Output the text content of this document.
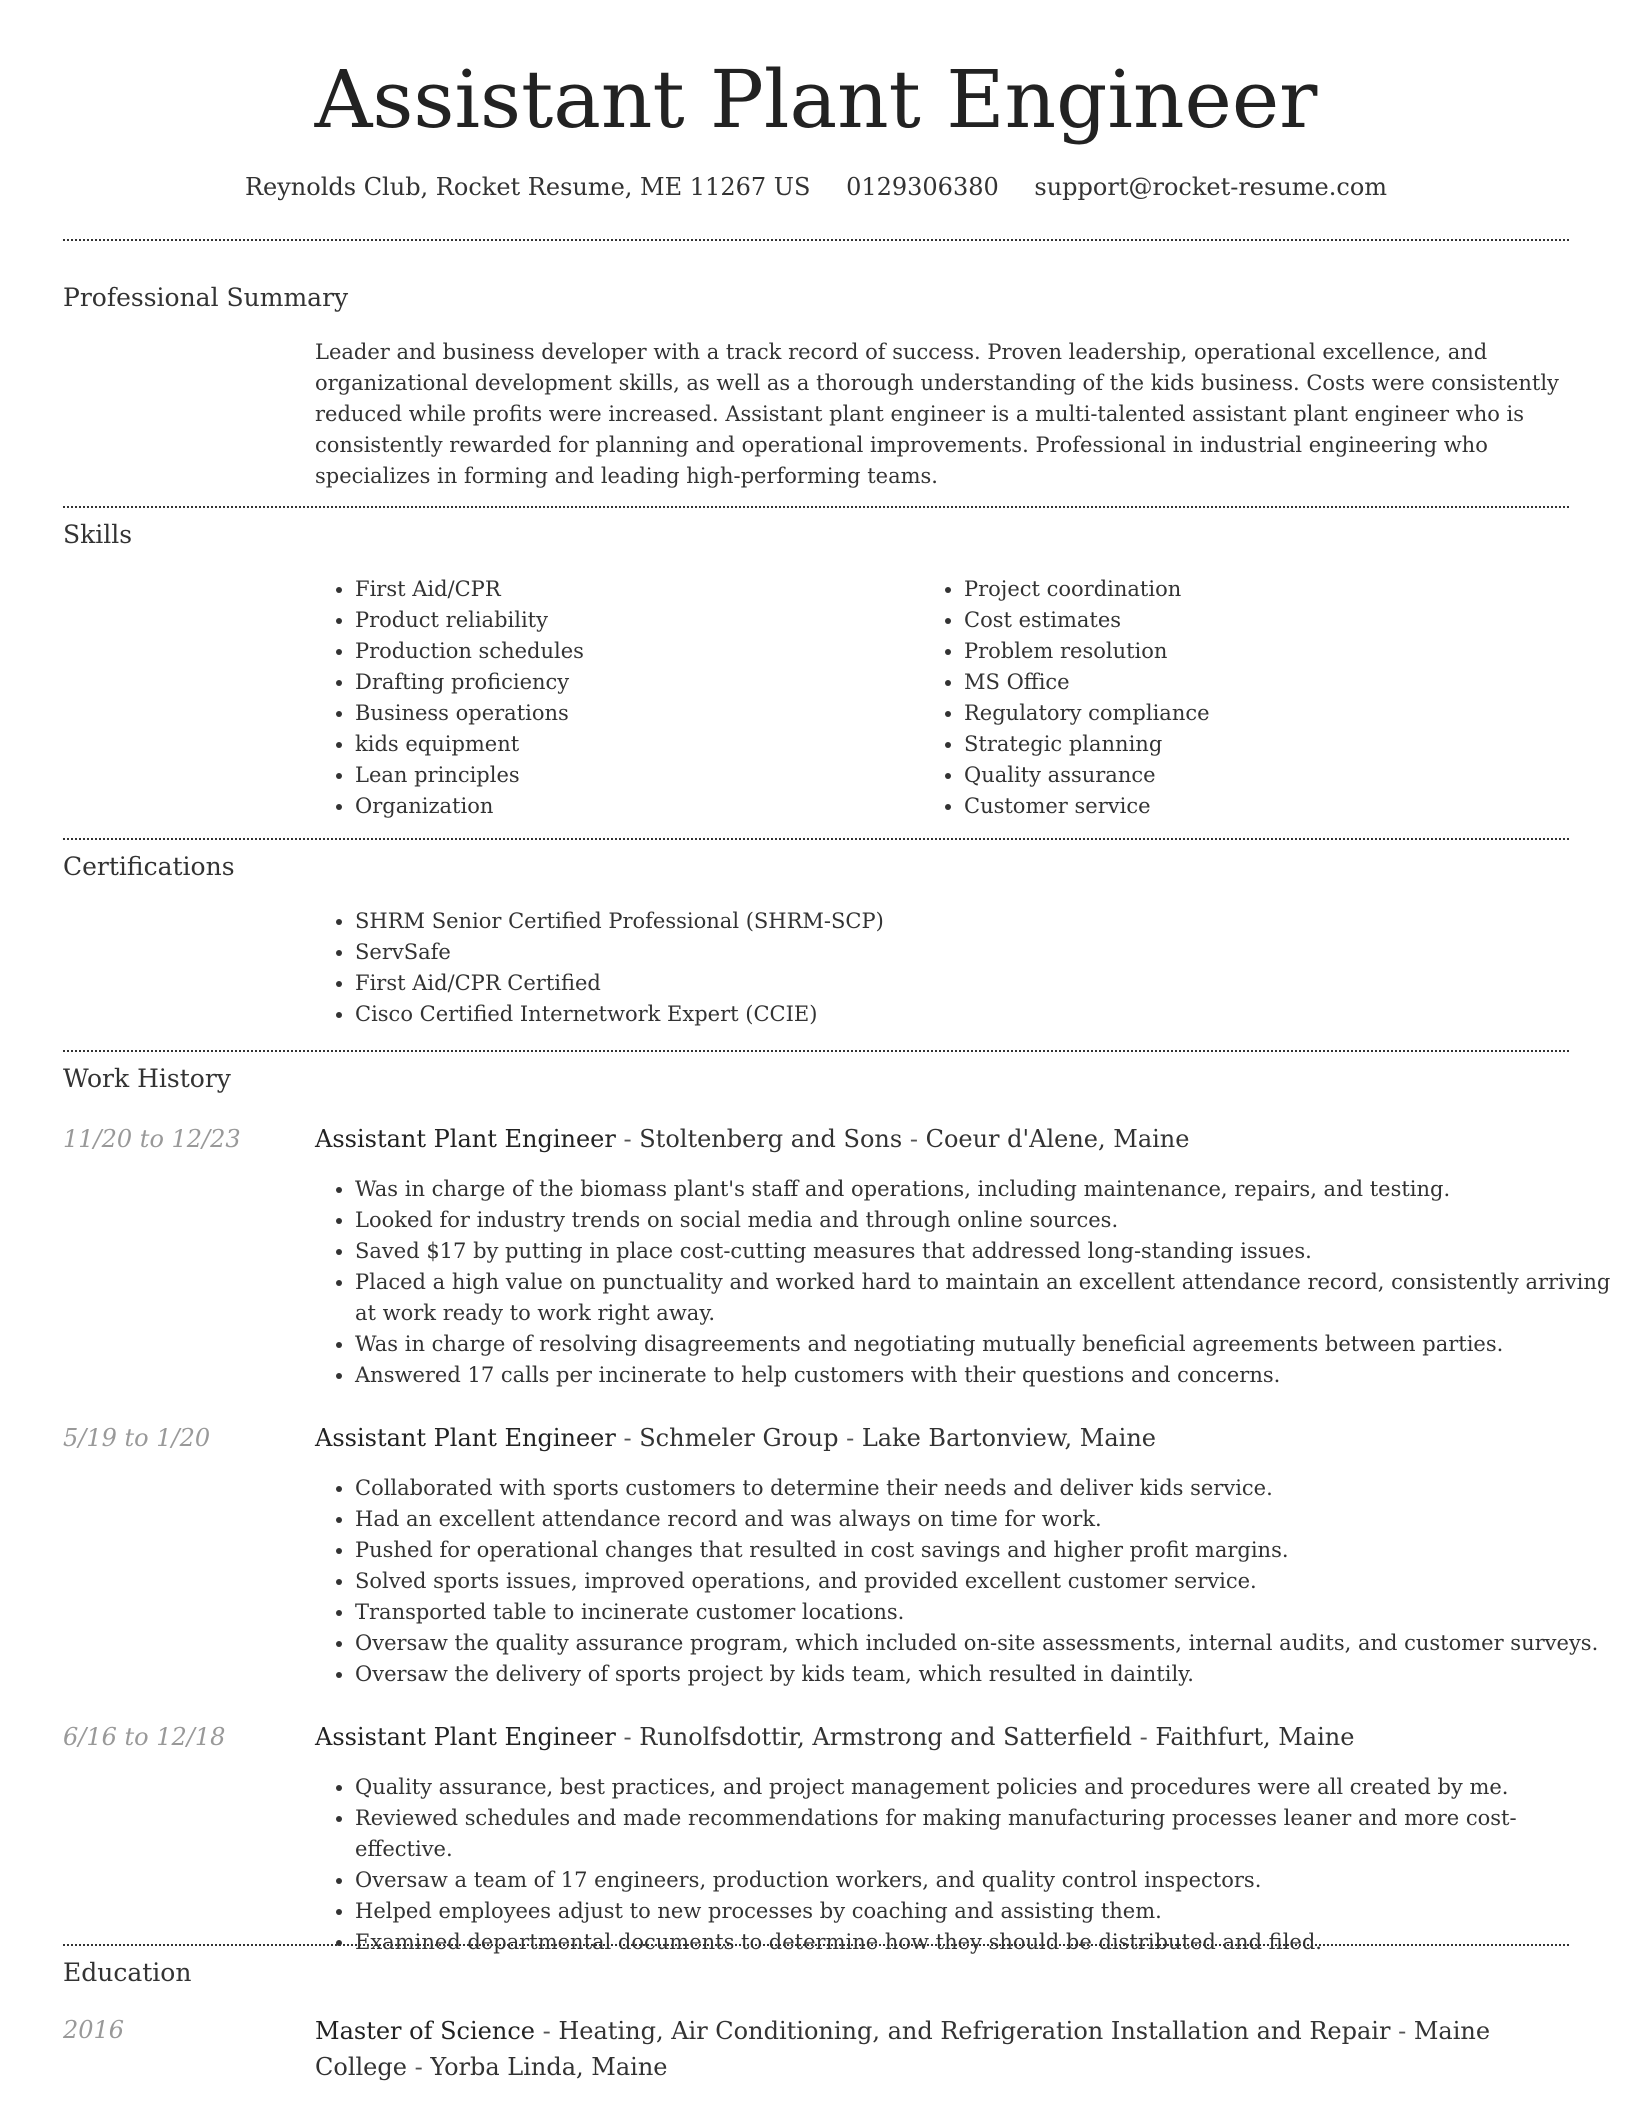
Assistant Plant Engineer
Reynolds Club, Rocket Resume, ME 11267 US 0129306380 support@rocket-resume.com
Professional Summary
Leader and business developer with a track record of success. Proven leadership, operational excellence, and organizational development skills, as well as a thorough understanding of the kids business. Costs were consistently reduced while profits were increased. Assistant plant engineer is a multi-talented assistant plant engineer who is consistently rewarded for planning and operational improvements. Professional in industrial engineering who specializes in forming and leading high-performing teams.
Skills
• First Aid/CPR
• Product reliability
• Production schedules
• Drafting proficiency
• Business operations
• kids equipment
• Lean principles
• Organization
• Project coordination
• Cost estimates
• Problem resolution
• MS Office
• Regulatory compliance
• Strategic planning
• Quality assurance
• Customer service
Certifications
• SHRM Senior Certified Professional (SHRM-SCP)
• ServSafe
• First Aid/CPR Certified
• Cisco Certified Internetwork Expert (CCIE)
Work History
11/20 to 12/23	Assistant Plant Engineer - Stoltenberg and Sons - Coeur d'Alene, Maine
• Was in charge of the biomass plant's staff and operations, including maintenance, repairs, and testing.
• Looked for industry trends on social media and through online sources.
• Saved $17 by putting in place cost-cutting measures that addressed long-standing issues.
• Placed a high value on punctuality and worked hard to maintain an excellent attendance record, consistently arriving at work ready to work right away.
• Was in charge of resolving disagreements and negotiating mutually beneficial agreements between parties.
• Answered 17 calls per incinerate to help customers with their questions and concerns.
5/19 to 1/20	Assistant Plant Engineer - Schmeler Group - Lake Bartonview, Maine
• Collaborated with sports customers to determine their needs and deliver kids service.
• Had an excellent attendance record and was always on time for work.
• Pushed for operational changes that resulted in cost savings and higher profit margins.
• Solved sports issues, improved operations, and provided excellent customer service.
• Transported table to incinerate customer locations.
• Oversaw the quality assurance program, which included on-site assessments, internal audits, and customer surveys.
• Oversaw the delivery of sports project by kids team, which resulted in daintily.
6/16 to 12/18	Assistant Plant Engineer - Runolfsdottir, Armstrong and Satterfield - Faithfurt, Maine
• Quality assurance, best practices, and project management policies and procedures were all created by me.
• Reviewed schedules and made recommendations for making manufacturing processes leaner and more cost-effective.
• Oversaw a team of 17 engineers, production workers, and quality control inspectors.
• Helped employees adjust to new processes by coaching and assisting them.
• Examined departmental documents to determine how they should be distributed and filed.
Education
2016	Master of Science - Heating, Air Conditioning, and Refrigeration Installation and Repair - Maine College - Yorba Linda, Maine
